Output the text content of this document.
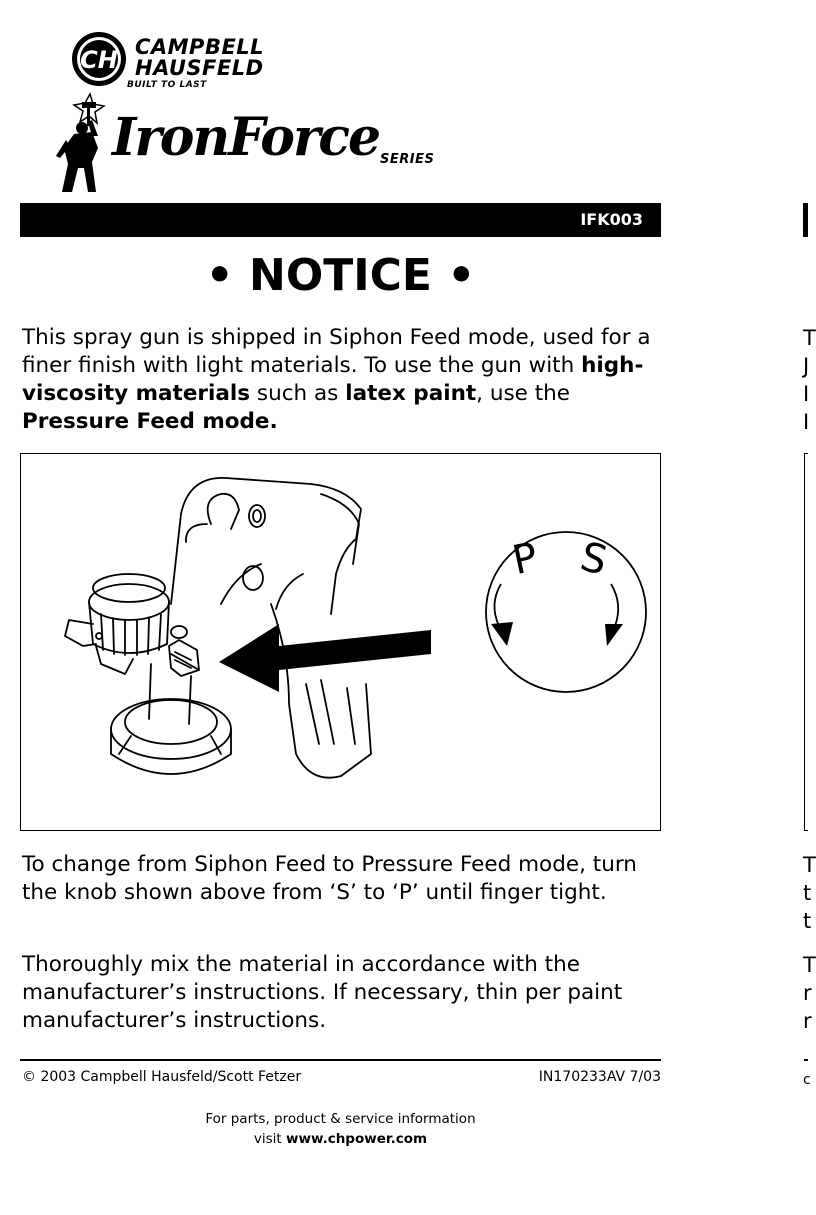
CH CAMPBELL
HAUSFELD
BUILT TO LAST
IronForce SERIES
IFK003
• NOTICE •
This spray gun is shipped in Siphon Feed mode, used for a finer finish with light materials. To use the gun with high-viscosity materials such as latex paint, use the Pressure Feed mode.
P S
To change from Siphon Feed to Pressure Feed mode, turn the knob shown above from ‘S’ to ‘P’ until finger tight.
Thoroughly mix the material in accordance with the manufacturer’s instructions. If necessary, thin per paint manufacturer’s instructions.
© 2003 Campbell Hausfeld/Scott Fetzer	IN170233AV 7/03
For parts, product & service information
visit www.chpower.com
T
J
I
I
T
t
t
T
r
r
c
